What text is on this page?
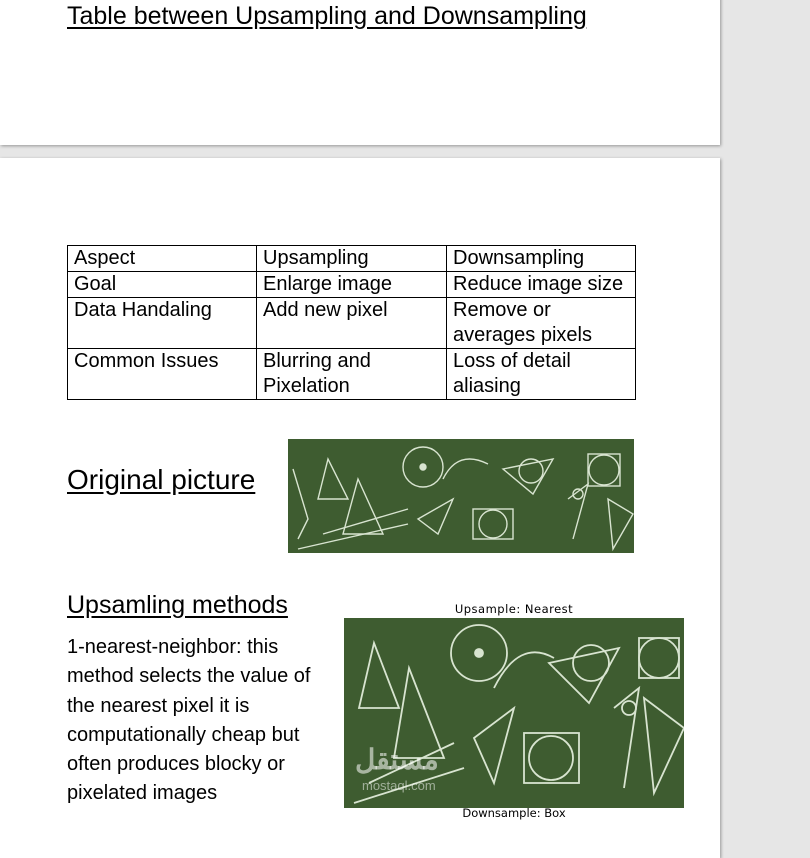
Table between Upsampling and Downsampling
Aspect	Upsampling	Downsampling
Goal	Enlarge image	Reduce image size
Data Handaling	Add new pixel	Remove or averages pixels
Common Issues	Blurring and Pixelation	Loss of detail aliasing
Original picture
Upsamling methods
1-nearest-neighbor: this method selects the value of the nearest pixel it is computationally cheap but often produces blocky or pixelated images
Upsample: Nearest
مستقل
mostaql.com
Downsample: Box
